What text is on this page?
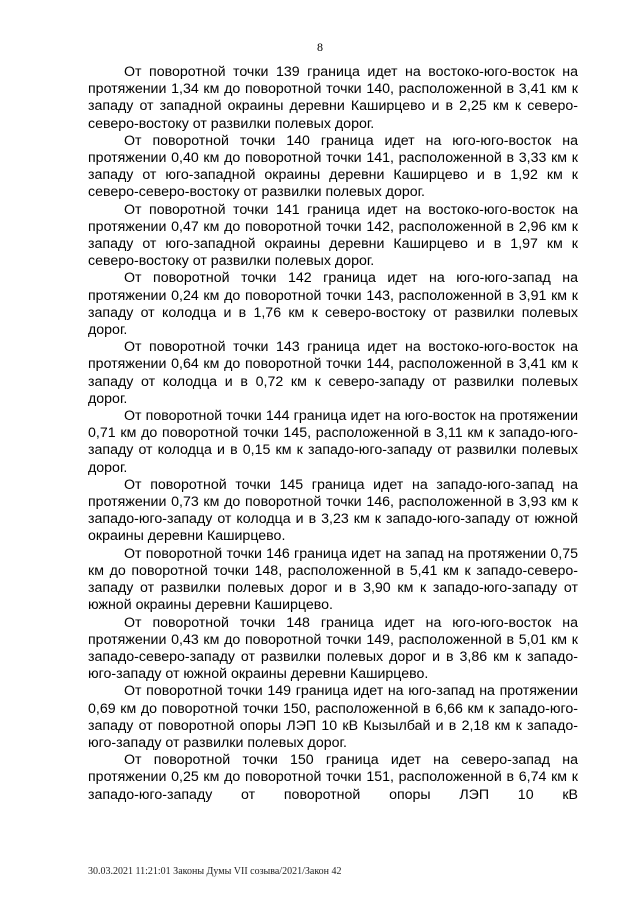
8

От поворотной точки 139 граница идет на востоко-юго-восток на протяжении 1,34 км до поворотной точки 140, расположенной в 3,41 км к западу от западной окраины деревни Каширцево и в 2,25 км к северо-северо-востоку от развилки полевых дорог.

От поворотной точки 140 граница идет на юго-юго-восток на протяжении 0,40 км до поворотной точки 141, расположенной в 3,33 км к западу от юго-западной окраины деревни Каширцево и в 1,92 км к северо-северо-востоку от развилки полевых дорог.

От поворотной точки 141 граница идет на востоко-юго-восток на протяжении 0,47 км до поворотной точки 142, расположенной в 2,96 км к западу от юго-западной окраины деревни Каширцево и в 1,97 км к северо-востоку от развилки полевых дорог.

От поворотной точки 142 граница идет на юго-юго-запад на протяжении 0,24 км до поворотной точки 143, расположенной в 3,91 км к западу от колодца и в 1,76 км к северо-востоку от развилки полевых дорог.

От поворотной точки 143 граница идет на востоко-юго-восток на протяжении 0,64 км до поворотной точки 144, расположенной в 3,41 км к западу от колодца и в 0,72 км к северо-западу от развилки полевых дорог.

От поворотной точки 144 граница идет на юго-восток на протяжении 0,71 км до поворотной точки 145, расположенной в 3,11 км к западо-юго-западу от колодца и в 0,15 км к западо-юго-западу от развилки полевых дорог.

От поворотной точки 145 граница идет на западо-юго-запад на протяжении 0,73 км до поворотной точки 146, расположенной в 3,93 км к западо-юго-западу от колодца и в 3,23 км к западо-юго-западу от южной окраины деревни Каширцево.

От поворотной точки 146 граница идет на запад на протяжении 0,75 км до поворотной точки 148, расположенной в 5,41 км к западо-северо-западу от развилки полевых дорог и в 3,90 км к западо-юго-западу от южной окраины деревни Каширцево.

От поворотной точки 148 граница идет на юго-юго-восток на протяжении 0,43 км до поворотной точки 149, расположенной в 5,01 км к западо-северо-западу от развилки полевых дорог и в 3,86 км к западо-юго-западу от южной окраины деревни Каширцево.

От поворотной точки 149 граница идет на юго-запад на протяжении 0,69 км до поворотной точки 150, расположенной в 6,66 км к западо-юго-западу от поворотной опоры ЛЭП 10 кВ Кызылбай и в 2,18 км к западо-юго-западу от развилки полевых дорог.

От поворотной точки 150 граница идет на северо-запад на протяжении 0,25 км до поворотной точки 151, расположенной в 6,74 км к западо-юго-западу от поворотной опоры ЛЭП 10 кВ

30.03.2021 11:21:01 Законы Думы VII созыва/2021/Закон 42
